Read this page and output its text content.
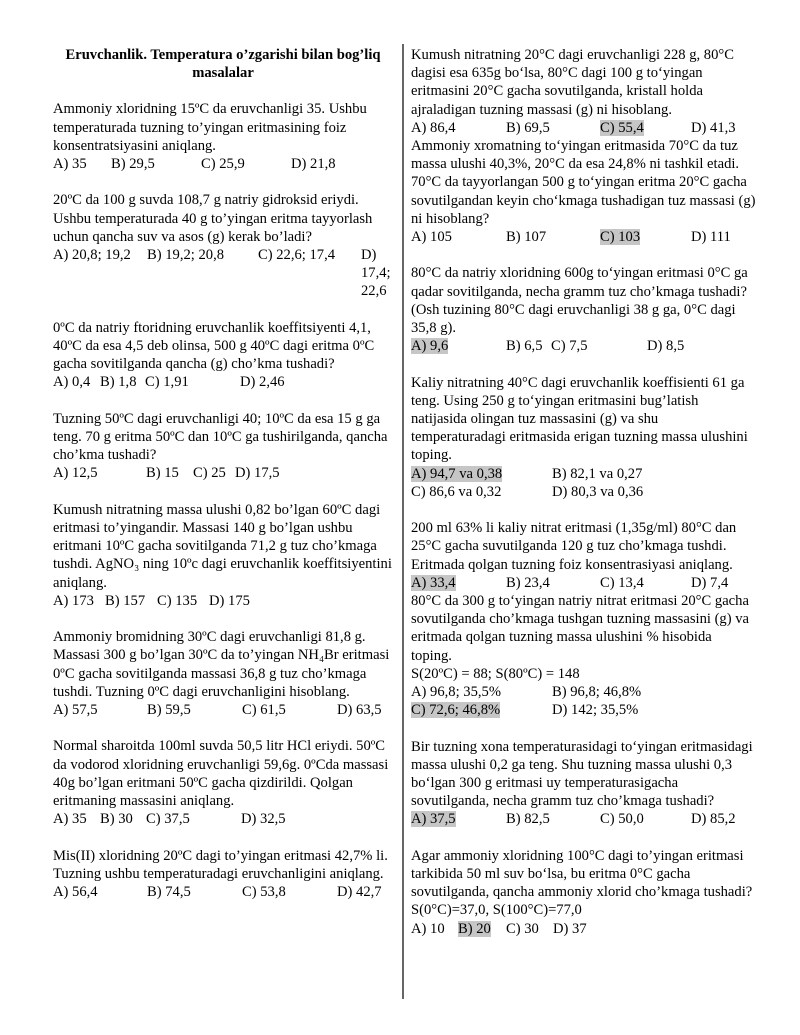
Eruvchanlik. Temperatura o’zgarishi bilan bog’liq masalalar
Ammoniy xloridning 15ºC da eruvchanligi 35. Ushbu temperaturada tuzning to’yingan eritmasining foiz konsentratsiyasini aniqlang.
A) 35	B) 29,5	C) 25,9	D) 21,8
20ºC da 100 g suvda 108,7 g natriy gidroksid eriydi. Ushbu temperaturada 40 g to’yingan eritma tayyorlash uchun qancha suv va asos (g) kerak bo’ladi?
A) 20,8; 19,2	B) 19,2; 20,8	C) 22,6; 17,4	D) 17,4; 22,6
0ºC da natriy ftoridning eruvchanlik koeffitsiyenti 4,1, 40ºC da esa 4,5 deb olinsa, 500 g 40ºC dagi eritma 0ºC gacha sovitilganda qancha (g) cho’kma tushadi?
A) 0,4 B) 1,8 C) 1,91	D) 2,46
Tuzning 50ºC dagi eruvchanligi 40; 10ºC da esa 15 g ga teng. 70 g eritma 50ºC dan 10ºC ga tushirilganda, qancha cho’kma tushadi?
A) 12,5	B) 15 C) 25 D) 17,5
Kumush nitratning massa ulushi 0,82 bo’lgan 60ºC dagi eritmasi to’yingandir. Massasi 140 g bo’lgan ushbu eritmani 10ºC gacha sovitilganda 71,2 g tuz cho’kmaga tushdi. AgNO₃ ning 10ºc dagi eruvchanlik koeffitsiyentini aniqlang.
A) 173 B) 157 C) 135 D) 175
Ammoniy bromidning 30ºC dagi eruvchanligi 81,8 g. Massasi 300 g bo’lgan 30ºC da to’yingan NH₄Br eritmasi 0ºC gacha sovitilganda massasi 36,8 g tuz cho’kmaga tushdi. Tuzning 0ºC dagi eruvchanligini hisoblang.
A) 57,5	B) 59,5	C) 61,5	D) 63,5
Normal sharoitda 100ml suvda 50,5 litr HCl eriydi. 50ºC da vodorod xloridning eruvchanligi 59,6g. 0ºCda massasi 40g bo’lgan eritmani 50ºC gacha qizdirildi. Qolgan eritmaning massasini aniqlang.
A) 35 B) 30 C) 37,5	D) 32,5
Mis(II) xloridning 20ºC dagi to’yingan eritmasi 42,7% li. Tuzning ushbu temperaturadagi eruvchanligini aniqlang.
A) 56,4	B) 74,5	C) 53,8	D) 42,7
Kumush nitratning 20°C dagi eruvchanligi 228 g, 80°C dagisi esa 635g bo‘lsa, 80°C dagi 100 g to‘yingan eritmasini 20°C gacha sovutilganda, kristall holda ajraladigan tuzning massasi (g) ni hisoblang.
A) 86,4	B) 69,5	C) 55,4	D) 41,3
Ammoniy xromatning to‘yingan eritmasida 70°C da tuz massa ulushi 40,3%, 20°C da esa 24,8% ni tashkil etadi. 70°C da tayyorlangan 500 g to‘yingan eritma 20°C gacha sovutilgandan keyin cho‘kmaga tushadigan tuz massasi (g) ni hisoblang?
A) 105	B) 107	C) 103	D) 111
80°C da natriy xloridning 600g to‘yingan eritmasi 0°C ga qadar sovitilganda, necha gramm tuz cho’kmaga tushadi? (Osh tuzining 80°C dagi eruvchanligi 38 g ga, 0°C dagi 35,8 g).
A) 9,6	B) 6,5 C) 7,5	D) 8,5
Kaliy nitratning 40°C dagi eruvchanlik koeffisienti 61 ga teng. Using 250 g to‘yingan eritmasini bug’latish natijasida olingan tuz massasini (g) va shu temperaturadagi eritmasida erigan tuzning massa ulushini toping.
A) 94,7 va 0,38	B) 82,1 va 0,27
C) 86,6 va 0,32	D) 80,3 va 0,36
200 ml 63% li kaliy nitrat eritmasi (1,35g/ml) 80°C dan 25°C gacha suvutilganda 120 g tuz cho’kmaga tushdi. Eritmada qolgan tuzning foiz konsentrasiyasi aniqlang.
A) 33,4	B) 23,4	C) 13,4	D) 7,4
80°C da 300 g to‘yingan natriy nitrat eritmasi 20°C gacha sovutilganda cho’kmaga tushgan tuzning massasini (g) va eritmada qolgan tuzning massa ulushini % hisobida toping.
S(20ºC) = 88; S(80ºC) = 148
A) 96,8; 35,5%	B) 96,8; 46,8%
C) 72,6; 46,8%	D) 142; 35,5%
Bir tuzning xona temperaturasidagi to‘yingan eritmasidagi massa ulushi 0,2 ga teng. Shu tuzning massa ulushi 0,3 bo‘lgan 300 g eritmasi uy temperaturasigacha sovutilganda, necha gramm tuz cho’kmaga tushadi?
A) 37,5	B) 82,5	C) 50,0	D) 85,2
Agar ammoniy xloridning 100°C dagi to’yingan eritmasi tarkibida 50 ml suv bo‘lsa, bu eritma 0°C gacha sovutilganda, qancha ammoniy xlorid cho’kmaga tushadi? S(0°C)=37,0, S(100°C)=77,0
A) 10 B) 20	C) 30 D) 37
